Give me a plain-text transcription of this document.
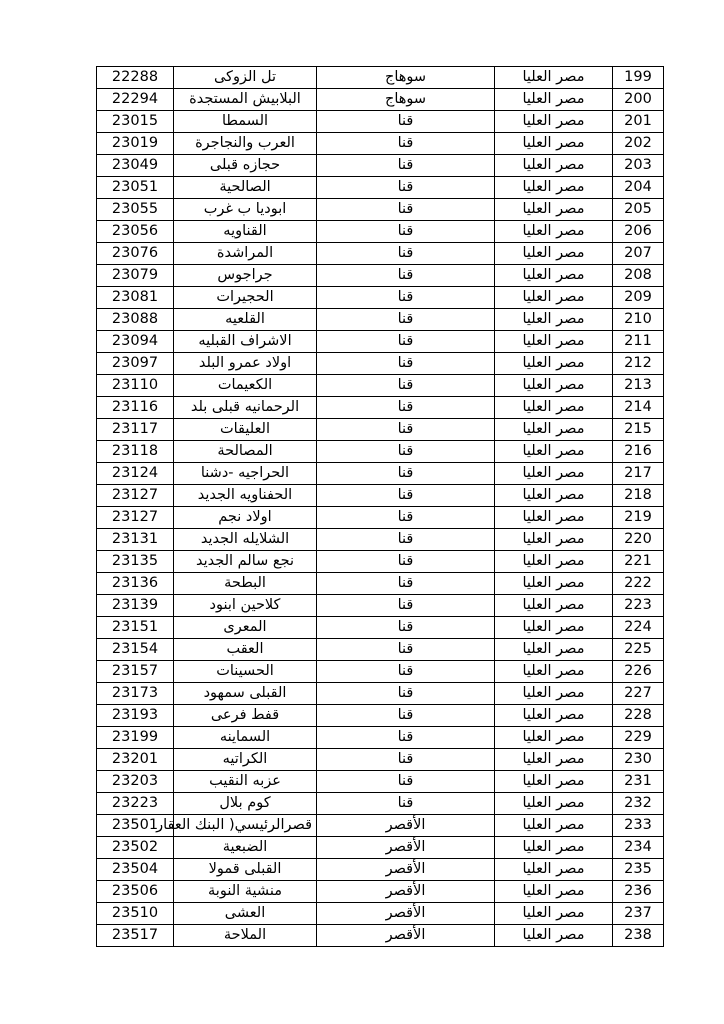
22288	تل الزوكى	سوهاج	مصر العليا	199
22294	البلابيش المستجدة	سوهاج	مصر العليا	200
23015	السمطا	قنا	مصر العليا	201
23019	العرب والنجاجرة	قنا	مصر العليا	202
23049	حجازه قبلى	قنا	مصر العليا	203
23051	الصالحية	قنا	مصر العليا	204
23055	ابوديا ب غرب	قنا	مصر العليا	205
23056	القناويه	قنا	مصر العليا	206
23076	المراشدة	قنا	مصر العليا	207
23079	جراجوس	قنا	مصر العليا	208
23081	الحجيرات	قنا	مصر العليا	209
23088	القلعيه	قنا	مصر العليا	210
23094	الاشراف القبليه	قنا	مصر العليا	211
23097	اولاد عمرو البلد	قنا	مصر العليا	212
23110	الكعيمات	قنا	مصر العليا	213
23116	الرحمانيه قبلى بلد	قنا	مصر العليا	214
23117	العليقات	قنا	مصر العليا	215
23118	المصالحة	قنا	مصر العليا	216
23124	الحراجيه -دشنا	قنا	مصر العليا	217
23127	الحفناويه الجديد	قنا	مصر العليا	218
23127	اولاد نجم	قنا	مصر العليا	219
23131	الشلايله الجديد	قنا	مصر العليا	220
23135	نجع سالم الجديد	قنا	مصر العليا	221
23136	البطحة	قنا	مصر العليا	222
23139	كلاحين ابنود	قنا	مصر العليا	223
23151	المعرى	قنا	مصر العليا	224
23154	العقب	قنا	مصر العليا	225
23157	الحسينات	قنا	مصر العليا	226
23173	القبلى سمهود	قنا	مصر العليا	227
23193	قفط فرعى	قنا	مصر العليا	228
23199	السماينه	قنا	مصر العليا	229
23201	الكراتيه	قنا	مصر العليا	230
23203	عزبه النقيب	قنا	مصر العليا	231
23223	كوم بلال	قنا	مصر العليا	232
23501	قصرالرئيسي( البنك العقار	الأقصر	مصر العليا	233
23502	الضبعية	الأقصر	مصر العليا	234
23504	القبلى قمولا	الأقصر	مصر العليا	235
23506	منشية النوبة	الأقصر	مصر العليا	236
23510	العشى	الأقصر	مصر العليا	237
23517	الملاحة	الأقصر	مصر العليا	238
